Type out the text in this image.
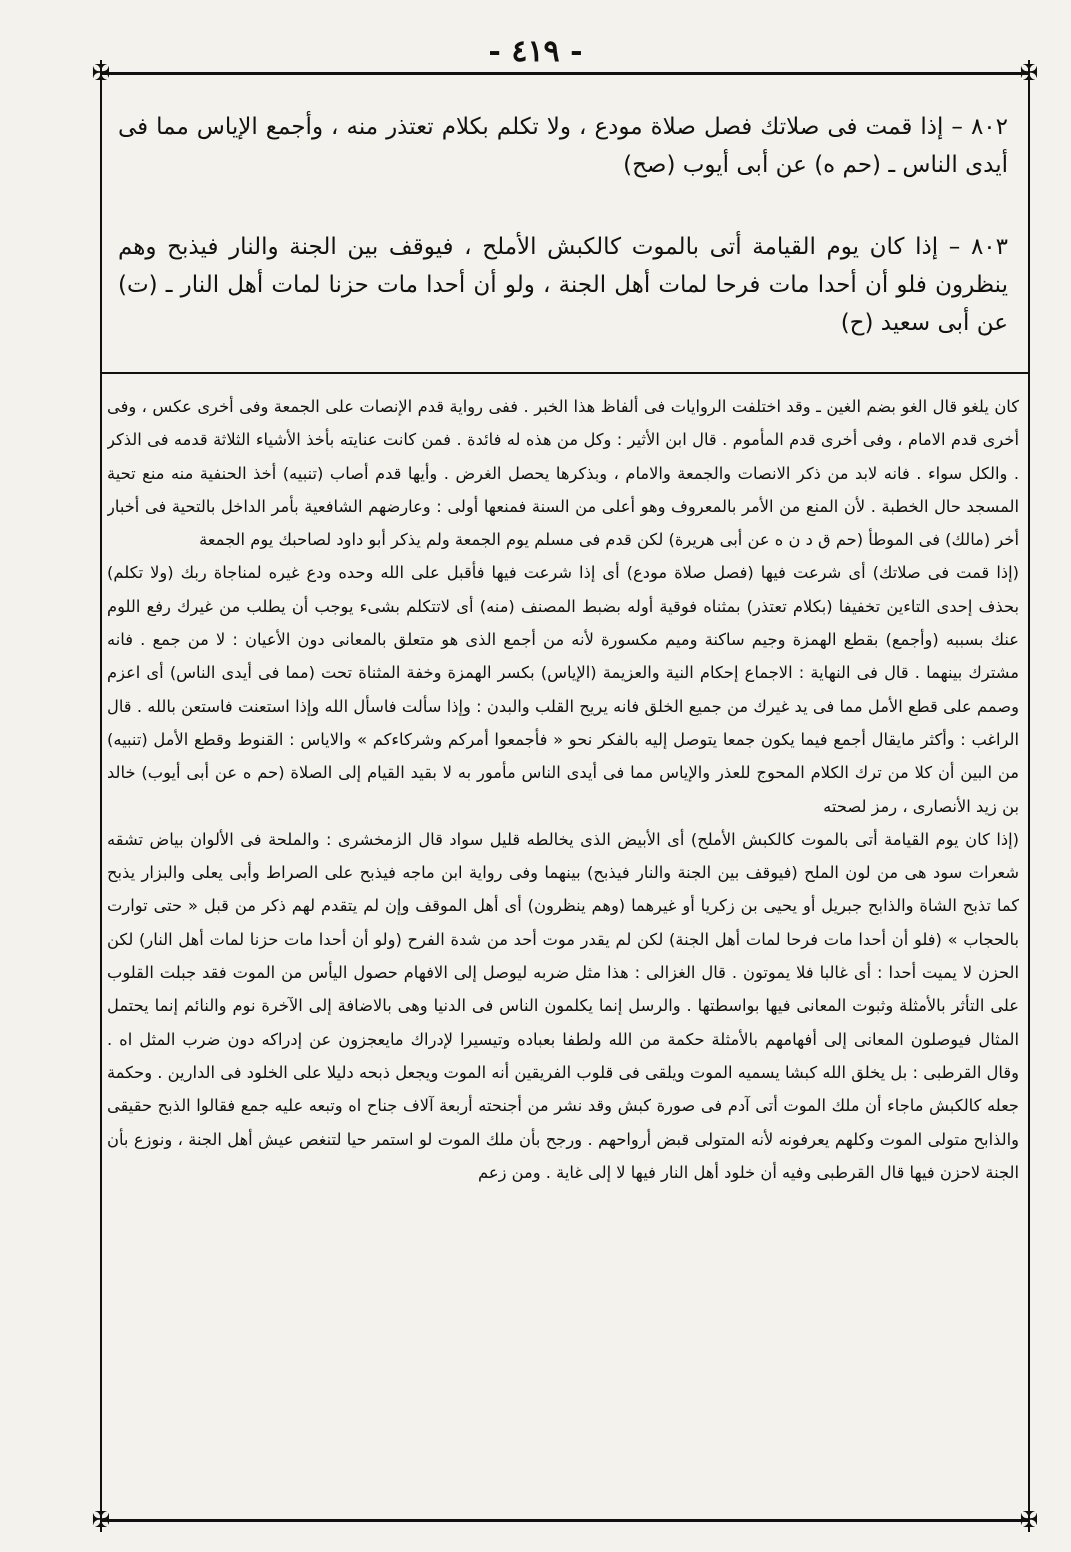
- ٤١٩ -
✠	✠
✠	✠
٨٠٢ – إذا قمت فى صلاتك فصل صلاة مودع ، ولا تكلم بكلام تعتذر منه ، وأجمع الإياس مما فى أيدى الناس ـ (حم ه) عن أبى أيوب (صح)
٨٠٣ – إذا كان يوم القيامة أتى بالموت كالكبش الأملح ، فيوقف بين الجنة والنار فيذبح وهم ينظرون فلو أن أحدا مات فرحا لمات أهل الجنة ، ولو أن أحدا مات حزنا لمات أهل النار ـ (ت) عن أبى سعيد (ح)

كان يلغو قال الغو بضم الغين ـ وقد اختلفت الروايات فى ألفاظ هذا الخبر . ففى رواية قدم الإنصات على الجمعة وفى أخرى عكس ، وفى أخرى قدم الامام ، وفى أخرى قدم المأموم . قال ابن الأثير : وكل من هذه له فائدة . فمن كانت عنايته بأخذ الأشياء الثلاثة قدمه فى الذكر . والكل سواء . فانه لابد من ذكر الانصات والجمعة والامام ، وبذكرها يحصل الغرض . وأيها قدم أصاب (تنبيه) أخذ الحنفية منه منع تحية المسجد حال الخطبة . لأن المنع من الأمر بالمعروف وهو أعلى من السنة فمنعها أولى : وعارضهم الشافعية بأمر الداخل بالتحية فى أخبار أخر (مالك) فى الموطأ (حم ق د ن ه عن أبى هريرة) لكن قدم فى مسلم يوم الجمعة ولم يذكر أبو داود لصاحبك يوم الجمعة

(إذا قمت فى صلاتك) أى شرعت فيها (فصل صلاة مودع) أى إذا شرعت فيها فأقبل على الله وحده ودع غيره لمناجاة ربك (ولا تكلم) بحذف إحدى التاءين تخفيفا (بكلام تعتذر) بمثناه فوقية أوله بضبط المصنف (منه) أى لاتتكلم بشىء يوجب أن يطلب من غيرك رفع اللوم عنك بسببه (وأجمع) بقطع الهمزة وجيم ساكنة وميم مكسورة لأنه من أجمع الذى هو متعلق بالمعانى دون الأعيان : لا من جمع . فانه مشترك بينهما . قال فى النهاية : الاجماع إحكام النية والعزيمة (الإياس) بكسر الهمزة وخفة المثناة تحت (مما فى أيدى الناس) أى اعزم وصمم على قطع الأمل مما فى يد غيرك من جميع الخلق فانه يريح القلب والبدن : وإذا سألت فاسأل الله وإذا استعنت فاستعن بالله . قال الراغب : وأكثر مايقال أجمع فيما يكون جمعا يتوصل إليه بالفكر نحو « فأجمعوا أمركم وشركاءكم » والاياس : القنوط وقطع الأمل (تنبيه) من البين أن كلا من ترك الكلام المحوج للعذر والإياس مما فى أيدى الناس مأمور به لا بقيد القيام إلى الصلاة (حم ه عن أبى أيوب) خالد بن زيد الأنصارى ، رمز لصحته

(إذا كان يوم القيامة أتى بالموت كالكبش الأملح) أى الأبيض الذى يخالطه قليل سواد قال الزمخشرى : والملحة فى الألوان بياض تشقه شعرات سود هى من لون الملح (فيوقف بين الجنة والنار فيذبح) بينهما وفى رواية ابن ماجه فيذبح على الصراط وأبى يعلى والبزار يذبح كما تذبح الشاة والذابح جبريل أو يحيى بن زكريا أو غيرهما (وهم ينظرون) أى أهل الموقف وإن لم يتقدم لهم ذكر من قبل « حتى توارت بالحجاب » (فلو أن أحدا مات فرحا لمات أهل الجنة) لكن لم يقدر موت أحد من شدة الفرح (ولو أن أحدا مات حزنا لمات أهل النار) لكن الحزن لا يميت أحدا : أى غالبا فلا يموتون . قال الغزالى : هذا مثل ضربه ليوصل إلى الافهام حصول اليأس من الموت فقد جبلت القلوب على التأثر بالأمثلة وثبوت المعانى فيها بواسطتها . والرسل إنما يكلمون الناس فى الدنيا وهى بالاضافة إلى الآخرة نوم والنائم إنما يحتمل المثال فيوصلون المعانى إلى أفهامهم بالأمثلة حكمة من الله ولطفا بعباده وتيسيرا لإدراك مايعجزون عن إدراكه دون ضرب المثل اه . وقال القرطبى : بل يخلق الله كبشا يسميه الموت ويلقى فى قلوب الفريقين أنه الموت ويجعل ذبحه دليلا على الخلود فى الدارين . وحكمة جعله كالكبش ماجاء أن ملك الموت أتى آدم فى صورة كبش وقد نشر من أجنحته أربعة آلاف جناح اه وتبعه عليه جمع فقالوا الذبح حقيقى والذابح متولى الموت وكلهم يعرفونه لأنه المتولى قبض أرواحهم . ورجح بأن ملك الموت لو استمر حيا لتنغص عيش أهل الجنة ، ونوزع بأن الجنة لاحزن فيها قال القرطبى وفيه أن خلود أهل النار فيها لا إلى غاية . ومن زعم
